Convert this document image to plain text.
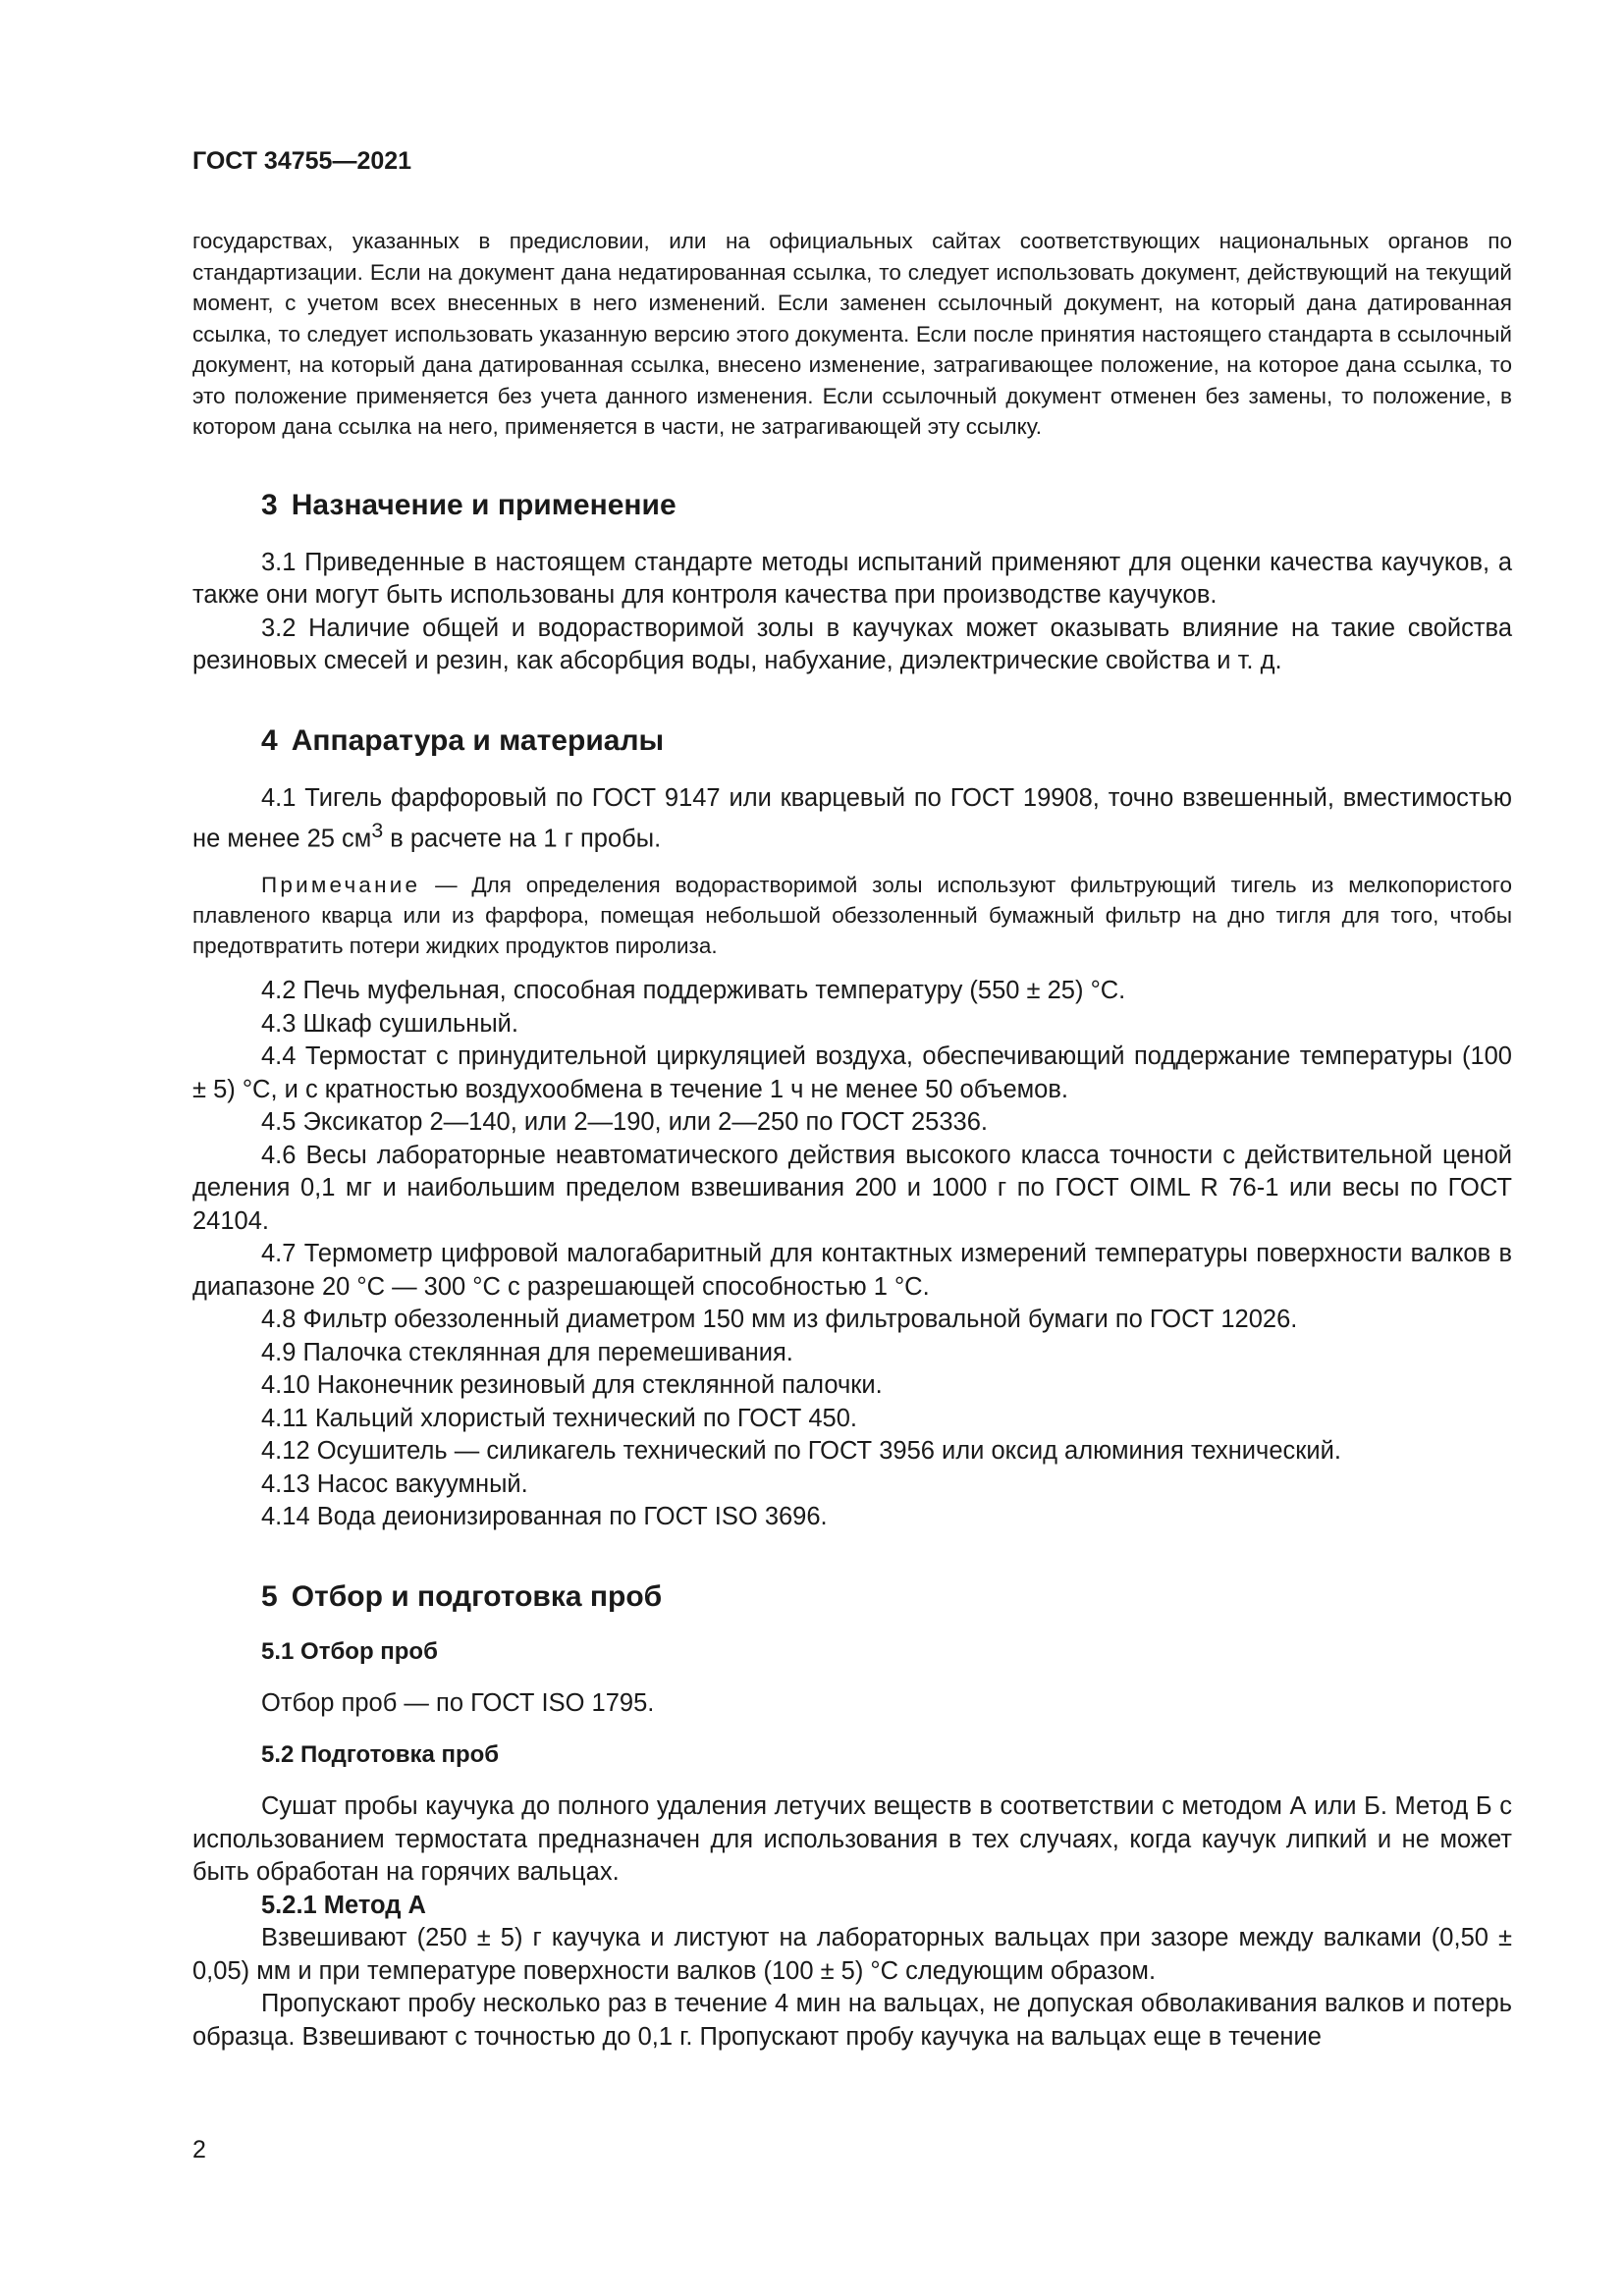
ГОСТ 34755—2021

государствах, указанных в предисловии, или на официальных сайтах соответствующих национальных органов по стандартизации. Если на документ дана недатированная ссылка, то следует использовать документ, действующий на текущий момент, с учетом всех внесенных в него изменений. Если заменен ссылочный документ, на который дана датированная ссылка, то следует использовать указанную версию этого документа. Если после принятия настоящего стандарта в ссылочный документ, на который дана датированная ссылка, внесено изменение, затрагивающее положение, на которое дана ссылка, то это положение применяется без учета данного изменения. Если ссылочный документ отменен без замены, то положение, в котором дана ссылка на него, применяется в части, не затрагивающей эту ссылку.

3 Назначение и применение

3.1 Приведенные в настоящем стандарте методы испытаний применяют для оценки качества каучуков, а также они могут быть использованы для контроля качества при производстве каучуков.

3.2 Наличие общей и водорастворимой золы в каучуках может оказывать влияние на такие свойства резиновых смесей и резин, как абсорбция воды, набухание, диэлектрические свойства и т. д.

4 Аппаратура и материалы

4.1 Тигель фарфоровый по ГОСТ 9147 или кварцевый по ГОСТ 19908, точно взвешенный, вместимостью не менее 25 $см^3$ в расчете на 1 г пробы.

Примечание — Для определения водорастворимой золы используют фильтрующий тигель из мелкопористого плавленого кварца или из фарфора, помещая небольшой обеззоленный бумажный фильтр на дно тигля для того, чтобы предотвратить потери жидких продуктов пиролиза.

4.2 Печь муфельная, способная поддерживать температуру (550 ± 25) °С.

4.3 Шкаф сушильный.

4.4 Термостат с принудительной циркуляцией воздуха, обеспечивающий поддержание температуры (100 ± 5) °С, и с кратностью воздухообмена в течение 1 ч не менее 50 объемов.

4.5 Эксикатор 2—140, или 2—190, или 2—250 по ГОСТ 25336.

4.6 Весы лабораторные неавтоматического действия высокого класса точности с действительной ценой деления 0,1 мг и наибольшим пределом взвешивания 200 и 1000 г по ГОСТ OIML R 76-1 или весы по ГОСТ 24104.

4.7 Термометр цифровой малогабаритный для контактных измерений температуры поверхности валков в диапазоне 20 °С — 300 °С с разрешающей способностью 1 °С.

4.8 Фильтр обеззоленный диаметром 150 мм из фильтровальной бумаги по ГОСТ 12026.

4.9 Палочка стеклянная для перемешивания.

4.10 Наконечник резиновый для стеклянной палочки.

4.11 Кальций хлористый технический по ГОСТ 450.

4.12 Осушитель — силикагель технический по ГОСТ 3956 или оксид алюминия технический.

4.13 Насос вакуумный.

4.14 Вода деионизированная по ГОСТ ISO 3696.

5 Отбор и подготовка проб
5.1 Отбор проб

Отбор проб — по ГОСТ ISO 1795.

5.2 Подготовка проб

Сушат пробы каучука до полного удаления летучих веществ в соответствии с методом А или Б. Метод Б с использованием термостата предназначен для использования в тех случаях, когда каучук липкий и не может быть обработан на горячих вальцах.

5.2.1 Метод А

Взвешивают (250 ± 5) г каучука и листуют на лабораторных вальцах при зазоре между валками (0,50 ± 0,05) мм и при температуре поверхности валков (100 ± 5) °С следующим образом.

Пропускают пробу несколько раз в течение 4 мин на вальцах, не допуская обволакивания валков и потерь образца. Взвешивают с точностью до 0,1 г. Пропускают пробу каучука на вальцах еще в течение

2
